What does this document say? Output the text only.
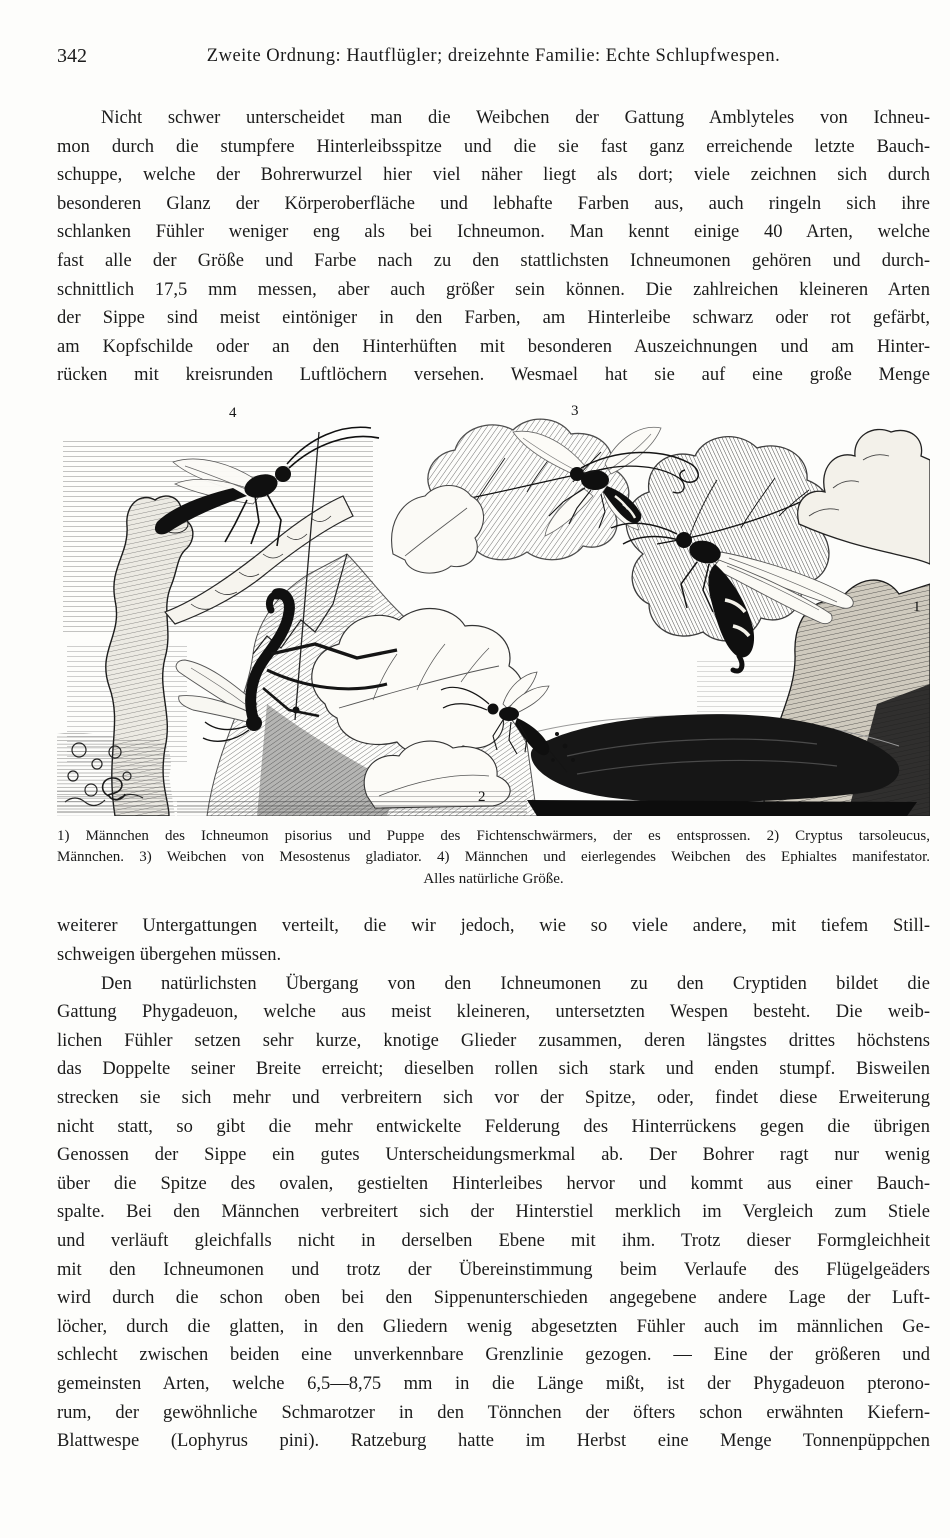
342	Zweite Ordnung: Hautflügler; dreizehnte Familie: Echte Schlupfwespen.
Nicht schwer unterscheidet man die Weibchen der Gattung Amblyteles von Ichneu-
mon durch die stumpfere Hinterleibsspitze und die sie fast ganz erreichende letzte Bauch-
schuppe, welche der Bohrerwurzel hier viel näher liegt als dort; viele zeichnen sich durch
besonderen Glanz der Körperoberfläche und lebhafte Farben aus, auch ringeln sich ihre
schlanken Fühler weniger eng als bei Ichneumon. Man kennt einige 40 Arten, welche
fast alle der Größe und Farbe nach zu den stattlichsten Ichneumonen gehören und durch-
schnittlich 17,5 mm messen, aber auch größer sein können. Die zahlreichen kleineren Arten
der Sippe sind meist eintöniger in den Farben, am Hinterleibe schwarz oder rot gefärbt,
am Kopfschilde oder an den Hinterhüften mit besonderen Auszeichnungen und am Hinter-
rücken mit kreisrunden Luftlöchern versehen. Wesmael hat sie auf eine große Menge
4	3
1
2
1) Männchen des Ichneumon pisorius und Puppe des Fichtenschwärmers, der es entsprossen. 2) Cryptus tarsoleucus,
Männchen. 3) Weibchen von Mesostenus gladiator. 4) Männchen und eierlegendes Weibchen des Ephialtes manifestator.
Alles natürliche Größe.
weiterer Untergattungen verteilt, die wir jedoch, wie so viele andere, mit tiefem Still-
schweigen übergehen müssen.
Den natürlichsten Übergang von den Ichneumonen zu den Cryptiden bildet die
Gattung Phygadeuon, welche aus meist kleineren, untersetzten Wespen besteht. Die weib-
lichen Fühler setzen sehr kurze, knotige Glieder zusammen, deren längstes drittes höchstens
das Doppelte seiner Breite erreicht; dieselben rollen sich stark und enden stumpf. Bisweilen
strecken sie sich mehr und verbreitern sich vor der Spitze, oder, findet diese Erweiterung
nicht statt, so gibt die mehr entwickelte Felderung des Hinterrückens gegen die übrigen
Genossen der Sippe ein gutes Unterscheidungsmerkmal ab. Der Bohrer ragt nur wenig
über die Spitze des ovalen, gestielten Hinterleibes hervor und kommt aus einer Bauch-
spalte. Bei den Männchen verbreitert sich der Hinterstiel merklich im Vergleich zum Stiele
und verläuft gleichfalls nicht in derselben Ebene mit ihm. Trotz dieser Formgleichheit
mit den Ichneumonen und trotz der Übereinstimmung beim Verlaufe des Flügelgeäders
wird durch die schon oben bei den Sippenunterschieden angegebene andere Lage der Luft-
löcher, durch die glatten, in den Gliedern wenig abgesetzten Fühler auch im männlichen Ge-
schlecht zwischen beiden eine unverkennbare Grenzlinie gezogen. — Eine der größeren und
gemeinsten Arten, welche 6,5—8,75 mm in die Länge mißt, ist der Phygadeuon pterono-
rum, der gewöhnliche Schmarotzer in den Tönnchen der öfters schon erwähnten Kiefern-
Blattwespe (Lophyrus pini). Ratzeburg hatte im Herbst eine Menge Tonnenpüppchen
